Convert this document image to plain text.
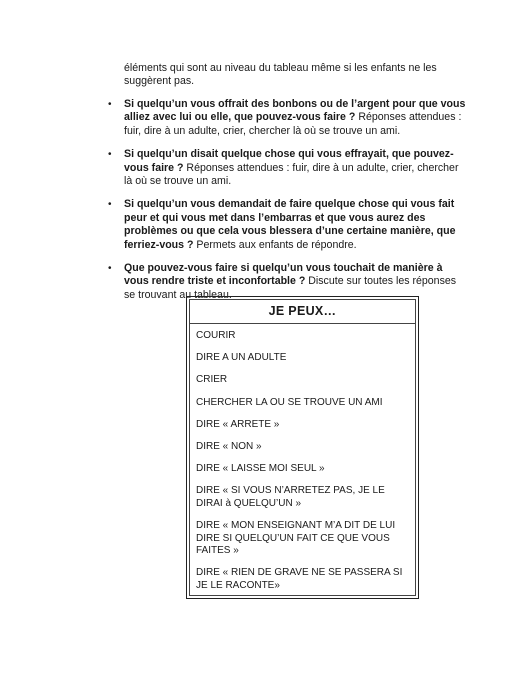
éléments qui sont au niveau du tableau même si les enfants ne les suggèrent pas.
• Si quelqu’un vous offrait des bonbons ou de l’argent pour que vous alliez avec lui ou elle, que pouvez-vous faire ? Réponses attendues : fuir, dire à un adulte, crier, chercher là où se trouve un ami.
• Si quelqu’un disait quelque chose qui vous effrayait, que pouvez-vous faire ? Réponses attendues : fuir, dire à un adulte, crier, chercher là où se trouve un ami.
• Si quelqu’un vous demandait de faire quelque chose qui vous fait peur et qui vous met dans l’embarras et que vous aurez des problèmes ou que cela vous blessera d’une certaine manière, que ferriez-vous ? Permets aux enfants de répondre.
• Que pouvez-vous faire si quelqu’un vous touchait de manière à vous rendre triste et inconfortable ? Discute sur toutes les réponses se trouvant au tableau.
JE PEUX…
COURIR
DIRE A UN ADULTE
CRIER
CHERCHER LA OU SE TROUVE UN AMI
DIRE « ARRETE »
DIRE « NON »
DIRE « LAISSE MOI SEUL »
DIRE « SI VOUS N’ARRETEZ PAS, JE LE DIRAI à QUELQU’UN »
DIRE « MON ENSEIGNANT M’A DIT DE LUI DIRE SI QUELQU’UN FAIT CE QUE VOUS FAITES »
DIRE « RIEN DE GRAVE NE SE PASSERA SI JE LE RACONTE»
